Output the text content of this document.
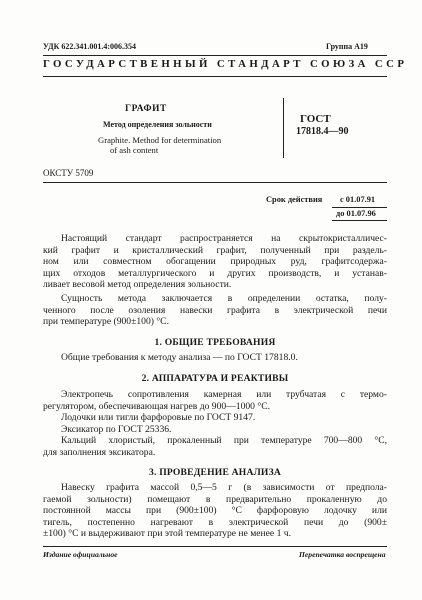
УДК 622.341.001.4:006.354	Группа А19
ГОСУДАРСТВЕННЫЙ СТАНДАРТ СОЮЗА ССР
ГРАФИТ
Метод определения зольности
Graphite. Method for determination
of ash content
ГОСТ
17818.4—90
ОКСТУ 5709
Срок действия с 01.07.91
до 01.07.96

Настоящий стандарт распространяется на скрытокристалличес-

кий графит и кристаллический графит, полученный при раздель-

ном или совместном обогащении природных руд, графитсодержа-

щих отходов металлургического и других производств, и устанав-

ливает весовой метод определения зольности.

Сущность метода заключается в определении остатка, полу-

ченного после озоления навески графита в электрической печи

при температуре (900±100) °С.

1. ОБЩИЕ ТРЕБОВАНИЯ

Общие требования к методу анализа — по ГОСТ 17818.0.

2. АППАРАТУРА И РЕАКТИВЫ

Электропечь сопротивления камерная или трубчатая с термо-

регулятором, обеспечивающая нагрев до 900—1000 °С.

Лодочки или тигли фарфоровые по ГОСТ 9147.

Эксикатор по ГОСТ 25336.

Кальций хлористый, прокаленный при температуре 700—800 °С,

для заполнения эксикатора.

3. ПРОВЕДЕНИЕ АНАЛИЗА

Навеску графита массой 0,5—5 г (в зависимости от предпола-

гаемой зольности) помещают в предварительно прокаленную до

постоянной массы при (900±100) °С фарфоровую лодочку или

тигель, постепенно нагревают в электрической печи до (900±

±100) °С и выдерживают при этой температуре не менее 1 ч.

Издание официальное	Перепечатка воспрещена
